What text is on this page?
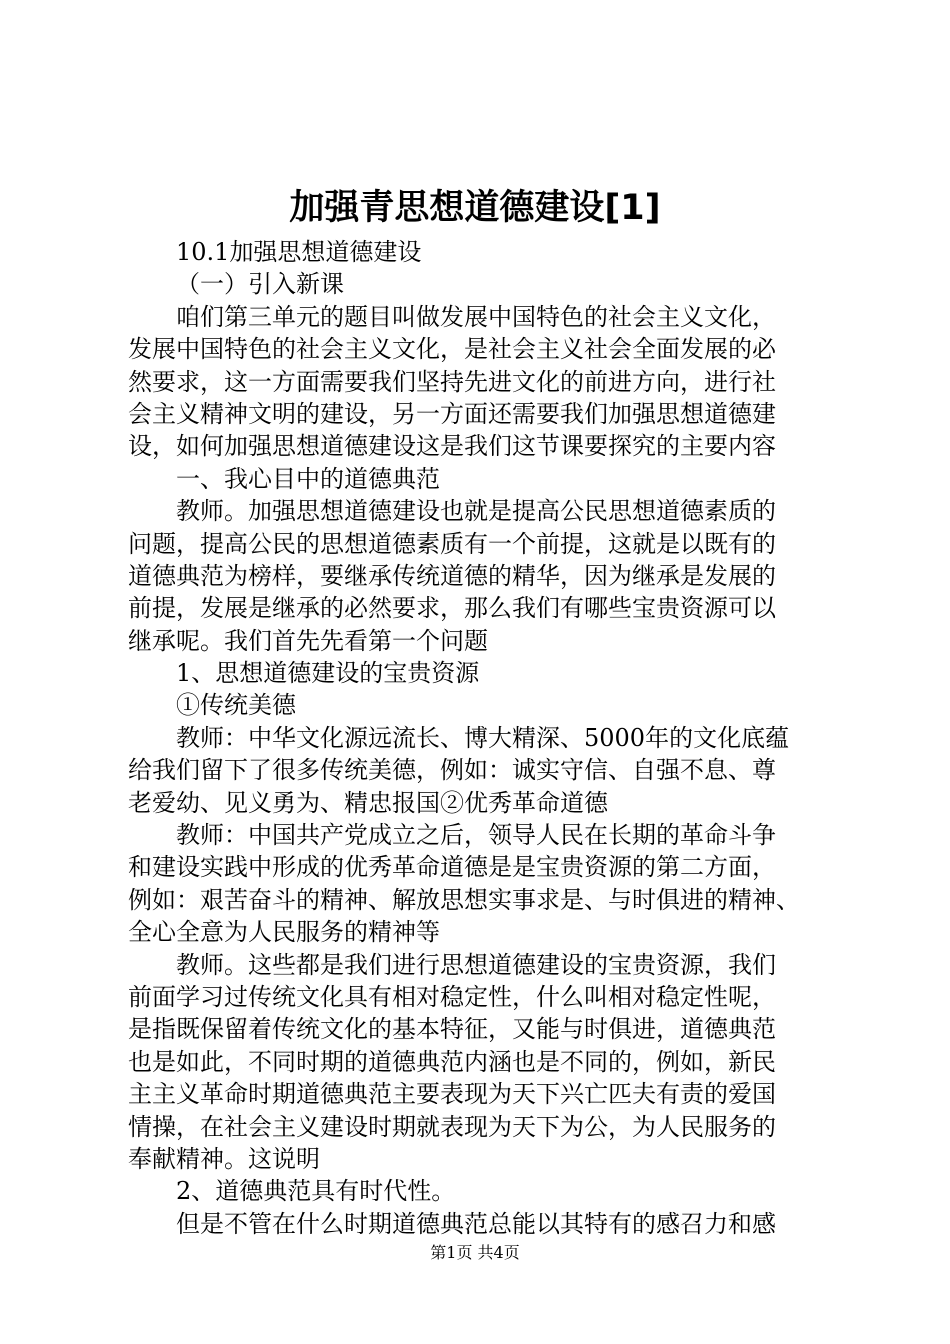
加强青思想道德建设[1]
10.1加强思想道德建设
（一）引入新课
咱们第三单元的题目叫做发展中国特色的社会主义文化，
发展中国特色的社会主义文化，是社会主义社会全面发展的必
然要求，这一方面需要我们坚持先进文化的前进方向，进行社
会主义精神文明的建设，另一方面还需要我们加强思想道德建
设，如何加强思想道德建设这是我们这节课要探究的主要内容
一、我心目中的道德典范
教师。加强思想道德建设也就是提高公民思想道德素质的
问题，提高公民的思想道德素质有一个前提，这就是以既有的
道德典范为榜样，要继承传统道德的精华，因为继承是发展的
前提，发展是继承的必然要求，那么我们有哪些宝贵资源可以
继承呢。我们首先先看第一个问题
1、思想道德建设的宝贵资源
①传统美德
教师：中华文化源远流长、博大精深、5000年的文化底蕴
给我们留下了很多传统美德，例如：诚实守信、自强不息、尊
老爱幼、见义勇为、精忠报国②优秀革命道德
教师：中国共产党成立之后，领导人民在长期的革命斗争
和建设实践中形成的优秀革命道德是是宝贵资源的第二方面，
例如：艰苦奋斗的精神、解放思想实事求是、与时俱进的精神、
全心全意为人民服务的精神等
教师。这些都是我们进行思想道德建设的宝贵资源，我们
前面学习过传统文化具有相对稳定性，什么叫相对稳定性呢，
是指既保留着传统文化的基本特征，又能与时俱进，道德典范
也是如此，不同时期的道德典范内涵也是不同的，例如，新民
主主义革命时期道德典范主要表现为天下兴亡匹夫有责的爱国
情操，在社会主义建设时期就表现为天下为公，为人民服务的
奉献精神。这说明
2、道德典范具有时代性。
但是不管在什么时期道德典范总能以其特有的感召力和感
第1页 共4页
